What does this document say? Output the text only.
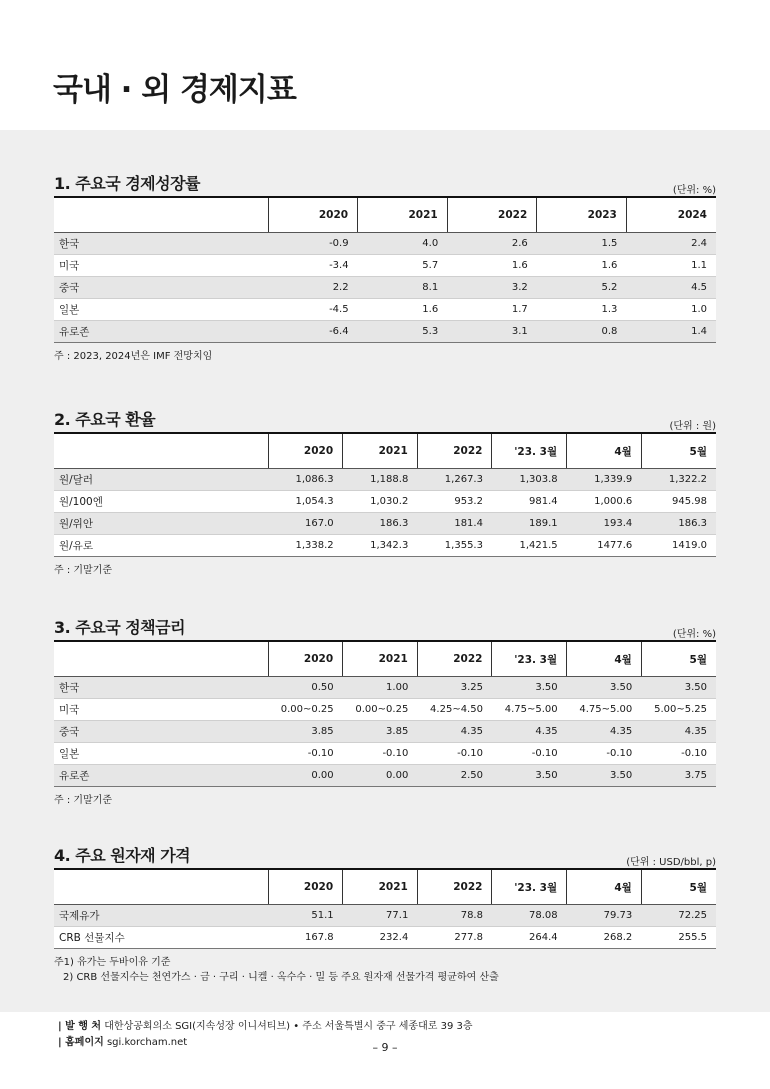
국내 · 외 경제지표
1. 주요국 경제성장률	(단위: %)
	2020	2021	2022	2023	2024
한국	-0.9	4.0	2.6	1.5	2.4
미국	-3.4	5.7	1.6	1.6	1.1
중국	2.2	8.1	3.2	5.2	4.5
일본	-4.5	1.6	1.7	1.3	1.0
유로존	-6.4	5.3	3.1	0.8	1.4
주 : 2023, 2024년은 IMF 전망치임
2. 주요국 환율	(단위 : 원)
	2020	2021	2022	'23. 3월	4월	5월
원/달러	1,086.3	1,188.8	1,267.3	1,303.8	1,339.9	1,322.2
원/100엔	1,054.3	1,030.2	953.2	981.4	1,000.6	945.98
원/위안	167.0	186.3	181.4	189.1	193.4	186.3
원/유로	1,338.2	1,342.3	1,355.3	1,421.5	1477.6	1419.0
주 : 기말기준
3. 주요국 정책금리	(단위: %)
	2020	2021	2022	'23. 3월	4월	5월
한국	0.50	1.00	3.25	3.50	3.50	3.50
미국	0.00~0.25	0.00~0.25	4.25~4.50	4.75~5.00	4.75~5.00	5.00~5.25
중국	3.85	3.85	4.35	4.35	4.35	4.35
일본	-0.10	-0.10	-0.10	-0.10	-0.10	-0.10
유로존	0.00	0.00	2.50	3.50	3.50	3.75
주 : 기말기준
4. 주요 원자재 가격	(단위 : USD/bbl, p)
	2020	2021	2022	'23. 3월	4월	5월
국제유가	51.1	77.1	78.8	78.08	79.73	72.25
CRB 선물지수	167.8	232.4	277.8	264.4	268.2	255.5
주1) 유가는 두바이유 기준
2) CRB 선물지수는 천연가스 · 금 · 구리 · 니켈 · 옥수수 · 밀 등 주요 원자재 선물가격 평균하여 산출
| 발 행 처 대한상공회의소 SGI(지속성장 이니셔티브) • 주소 서울특별시 중구 세종대로 39 3층
| 홈페이지 sgi.korcham.net	– 9 –
